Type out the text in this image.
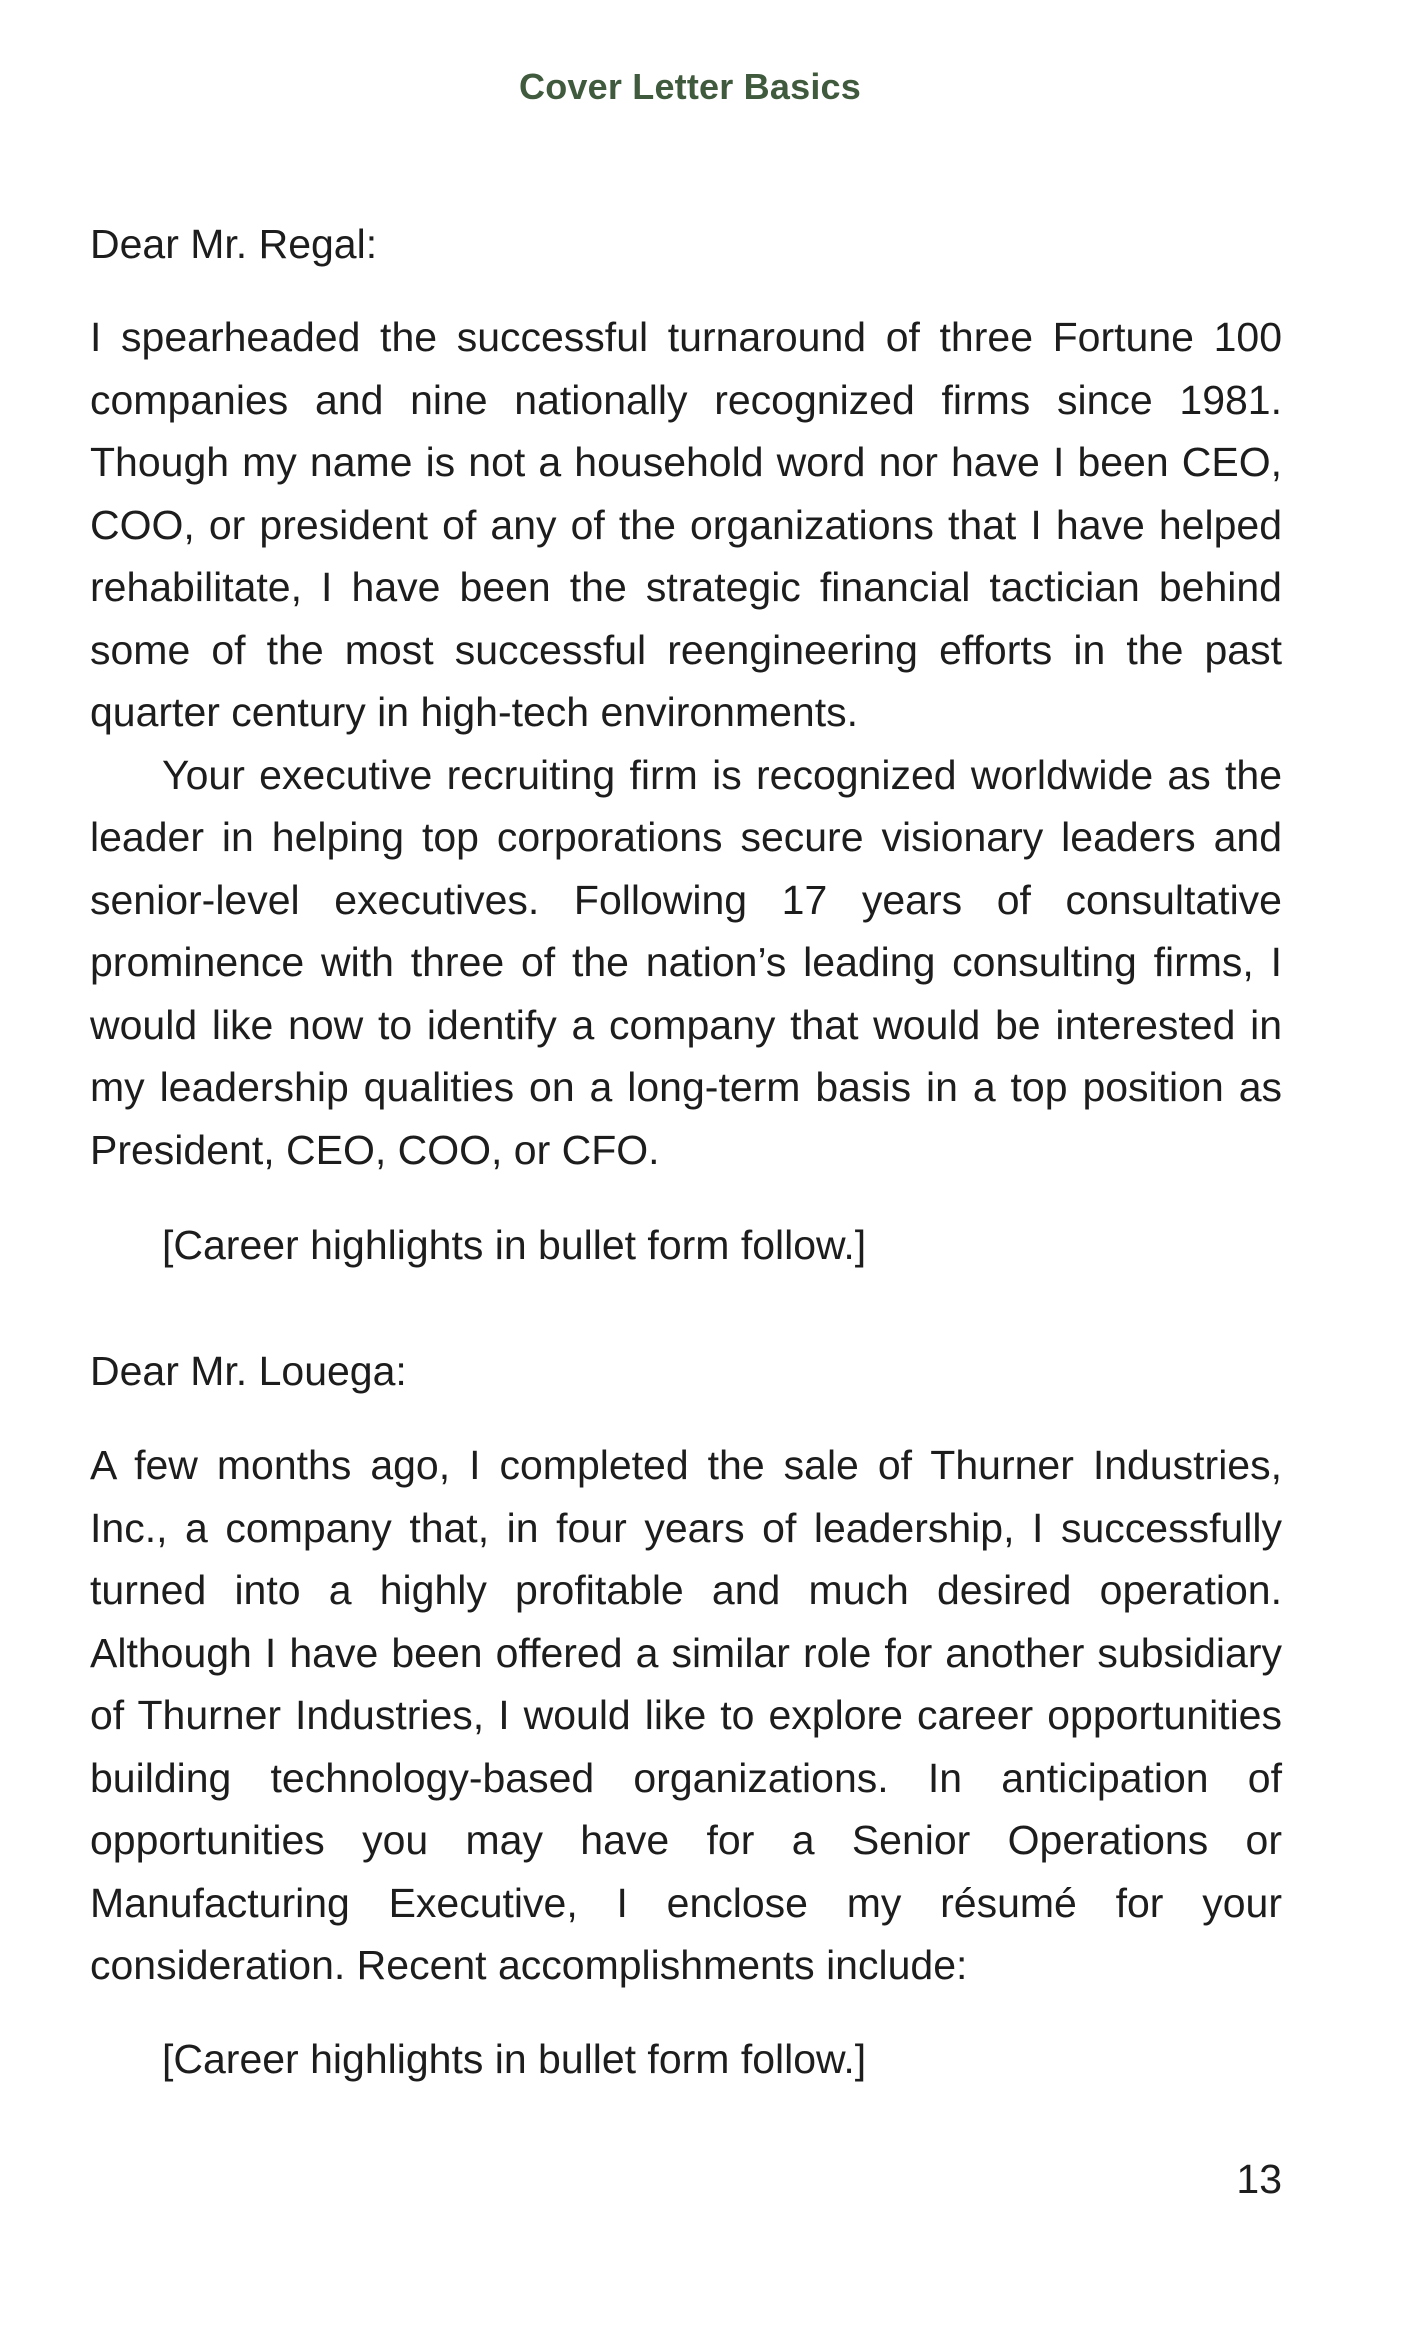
Cover Letter Basics
Dear Mr. Regal:

I spearheaded the successful turnaround of three Fortune 100 companies and nine nationally recognized firms since 1981. Though my name is not a household word nor have I been CEO, COO, or president of any of the organizations that I have helped rehabilitate, I have been the strategic financial tactician behind some of the most successful reengineering efforts in the past quarter century in high-tech environments.

Your executive recruiting firm is recognized worldwide as the leader in helping top corporations secure visionary leaders and senior-level executives. Following 17 years of consultative prominence with three of the nation’s leading consulting firms, I would like now to identify a company that would be interested in my leadership qualities on a long-term basis in a top position as President, CEO, COO, or CFO.

[Career highlights in bullet form follow.]
Dear Mr. Louega:

A few months ago, I completed the sale of Thurner Industries, Inc., a company that, in four years of leadership, I successfully turned into a highly profitable and much desired operation. Although I have been offered a similar role for another subsidiary of Thurner Industries, I would like to explore career opportunities building technology-based organizations. In anticipation of opportunities you may have for a Senior Operations or Manufacturing Executive, I enclose my résumé for your consideration. Recent accomplishments include:

[Career highlights in bullet form follow.]
13
